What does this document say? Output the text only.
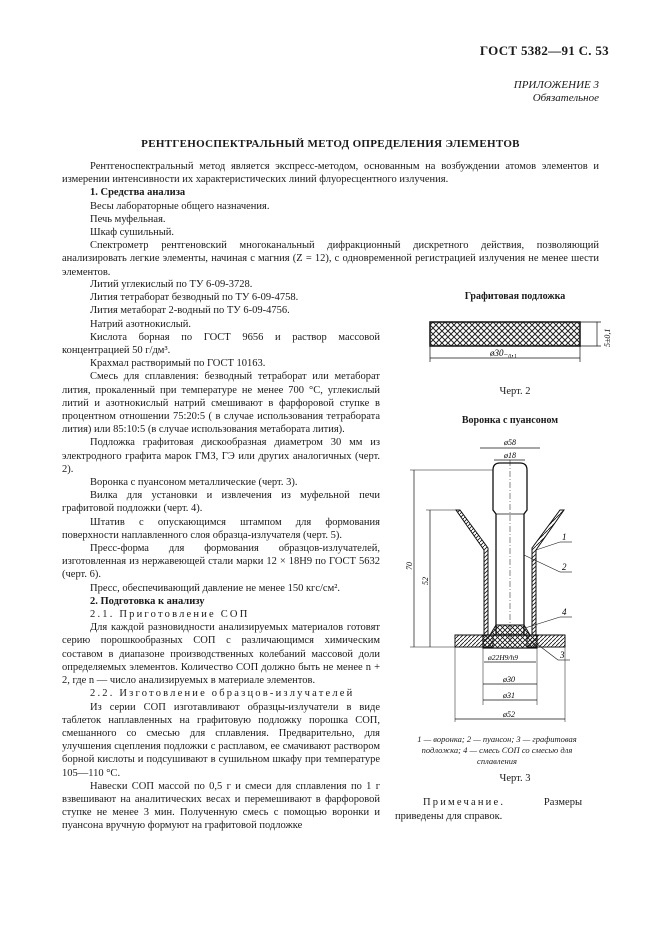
ГОСТ 5382—91 С. 53
ПРИЛОЖЕНИЕ 3
Обязательное
РЕНТГЕНОСПЕКТРАЛЬНЫЙ МЕТОД ОПРЕДЕЛЕНИЯ ЭЛЕМЕНТОВ

Рентгеноспектральный метод является экспресс-методом, основанным на возбуждении атомов элементов и измерении интенсивности их характеристических линий флуоресцентного излучения.

1. Средства анализа

Весы лабораторные общего назначения.

Печь муфельная.

Шкаф сушильный.

Спектрометр рентгеновский многоканальный дифракционный дискретного действия, позволяющий анализировать легкие элементы, начиная с магния (Z = 12), с одновременной регистрацией излучения не менее шести элементов.

Литий углекислый по ТУ 6-09-3728.

Лития тетраборат безводный по ТУ 6-09-4758.

Лития метаборат 2-водный по ТУ 6-09-4756.

Натрий азотнокислый.

Кислота борная по ГОСТ 9656 и раствор массовой концентрацией 50 г/дм³.

Крахмал растворимый по ГОСТ 10163.

Смесь для сплавления: безводный тетраборат или метаборат лития, прокаленный при температуре не менее 700 °С, углекислый литий и азотнокислый натрий смешивают в фарфоровой ступке в процентном отношении 75:20:5 ( в случае использования тетрабората лития) или 85:10:5 (в случае использования метабората лития).

Подложка графитовая дискообразная диаметром 30 мм из электродного графита марок ГМЗ, ГЭ или других аналогичных (черт. 2).

Воронка с пуансоном металлические (черт. 3).

Вилка для установки и извлечения из муфельной печи графитовой подложки (черт. 4).

Штатив с опускающимся штампом для формования поверхности наплавленного слоя образца-излучателя (черт. 5).

Пресс-форма для формования образцов-излучателей, изготовленная из нержавеющей стали марки 12 × 18Н9 по ГОСТ 5632 (черт. 6).

Пресс, обеспечивающий давление не менее 150 кгс/см².

2. Подготовка к анализу

2.1. Приготовление СОП

Для каждой разновидности анализируемых материалов готовят серию порошкообразных СОП с различающимся химическим составом в диапазоне производственных колебаний массовой доли определяемых элементов. Количество СОП должно быть не менее n + 2, где n — число анализируемых в материале элементов.

2.2. Изготовление образцов-излучателей

Из серии СОП изготавливают образцы-излучатели в виде таблеток наплавленных на графитовую подложку порошка СОП, смешанного со смесью для сплавления. Предварительно, для улучшения сцепления подложки с расплавом, ее смачивают раствором борной кислоты и подсушивают в сушильном шкафу при температуре 105—110 °С.

Навески СОП массой по 0,5 г и смеси для сплавления по 1 г взвешивают на аналитических весах и перемешивают в фарфоровой ступке не менее 3 мин. Полученную смесь с помощью воронки и пуансона вручную формуют на графитовой подложке

Графитовая подложка
ø30₋₀,₁
5±0,1
Черт. 2
Воронка с пуансоном
ø58
ø18
70
52
ø22Н9/h9
ø30
ø31
ø52
1
2
4
3
1 — воронка; 2 — пуансон; 3 — графитовая подложка; 4 — смесь СОП со смесью для сплавления
Черт. 3
Примечание. Размеры приведены для справок.
